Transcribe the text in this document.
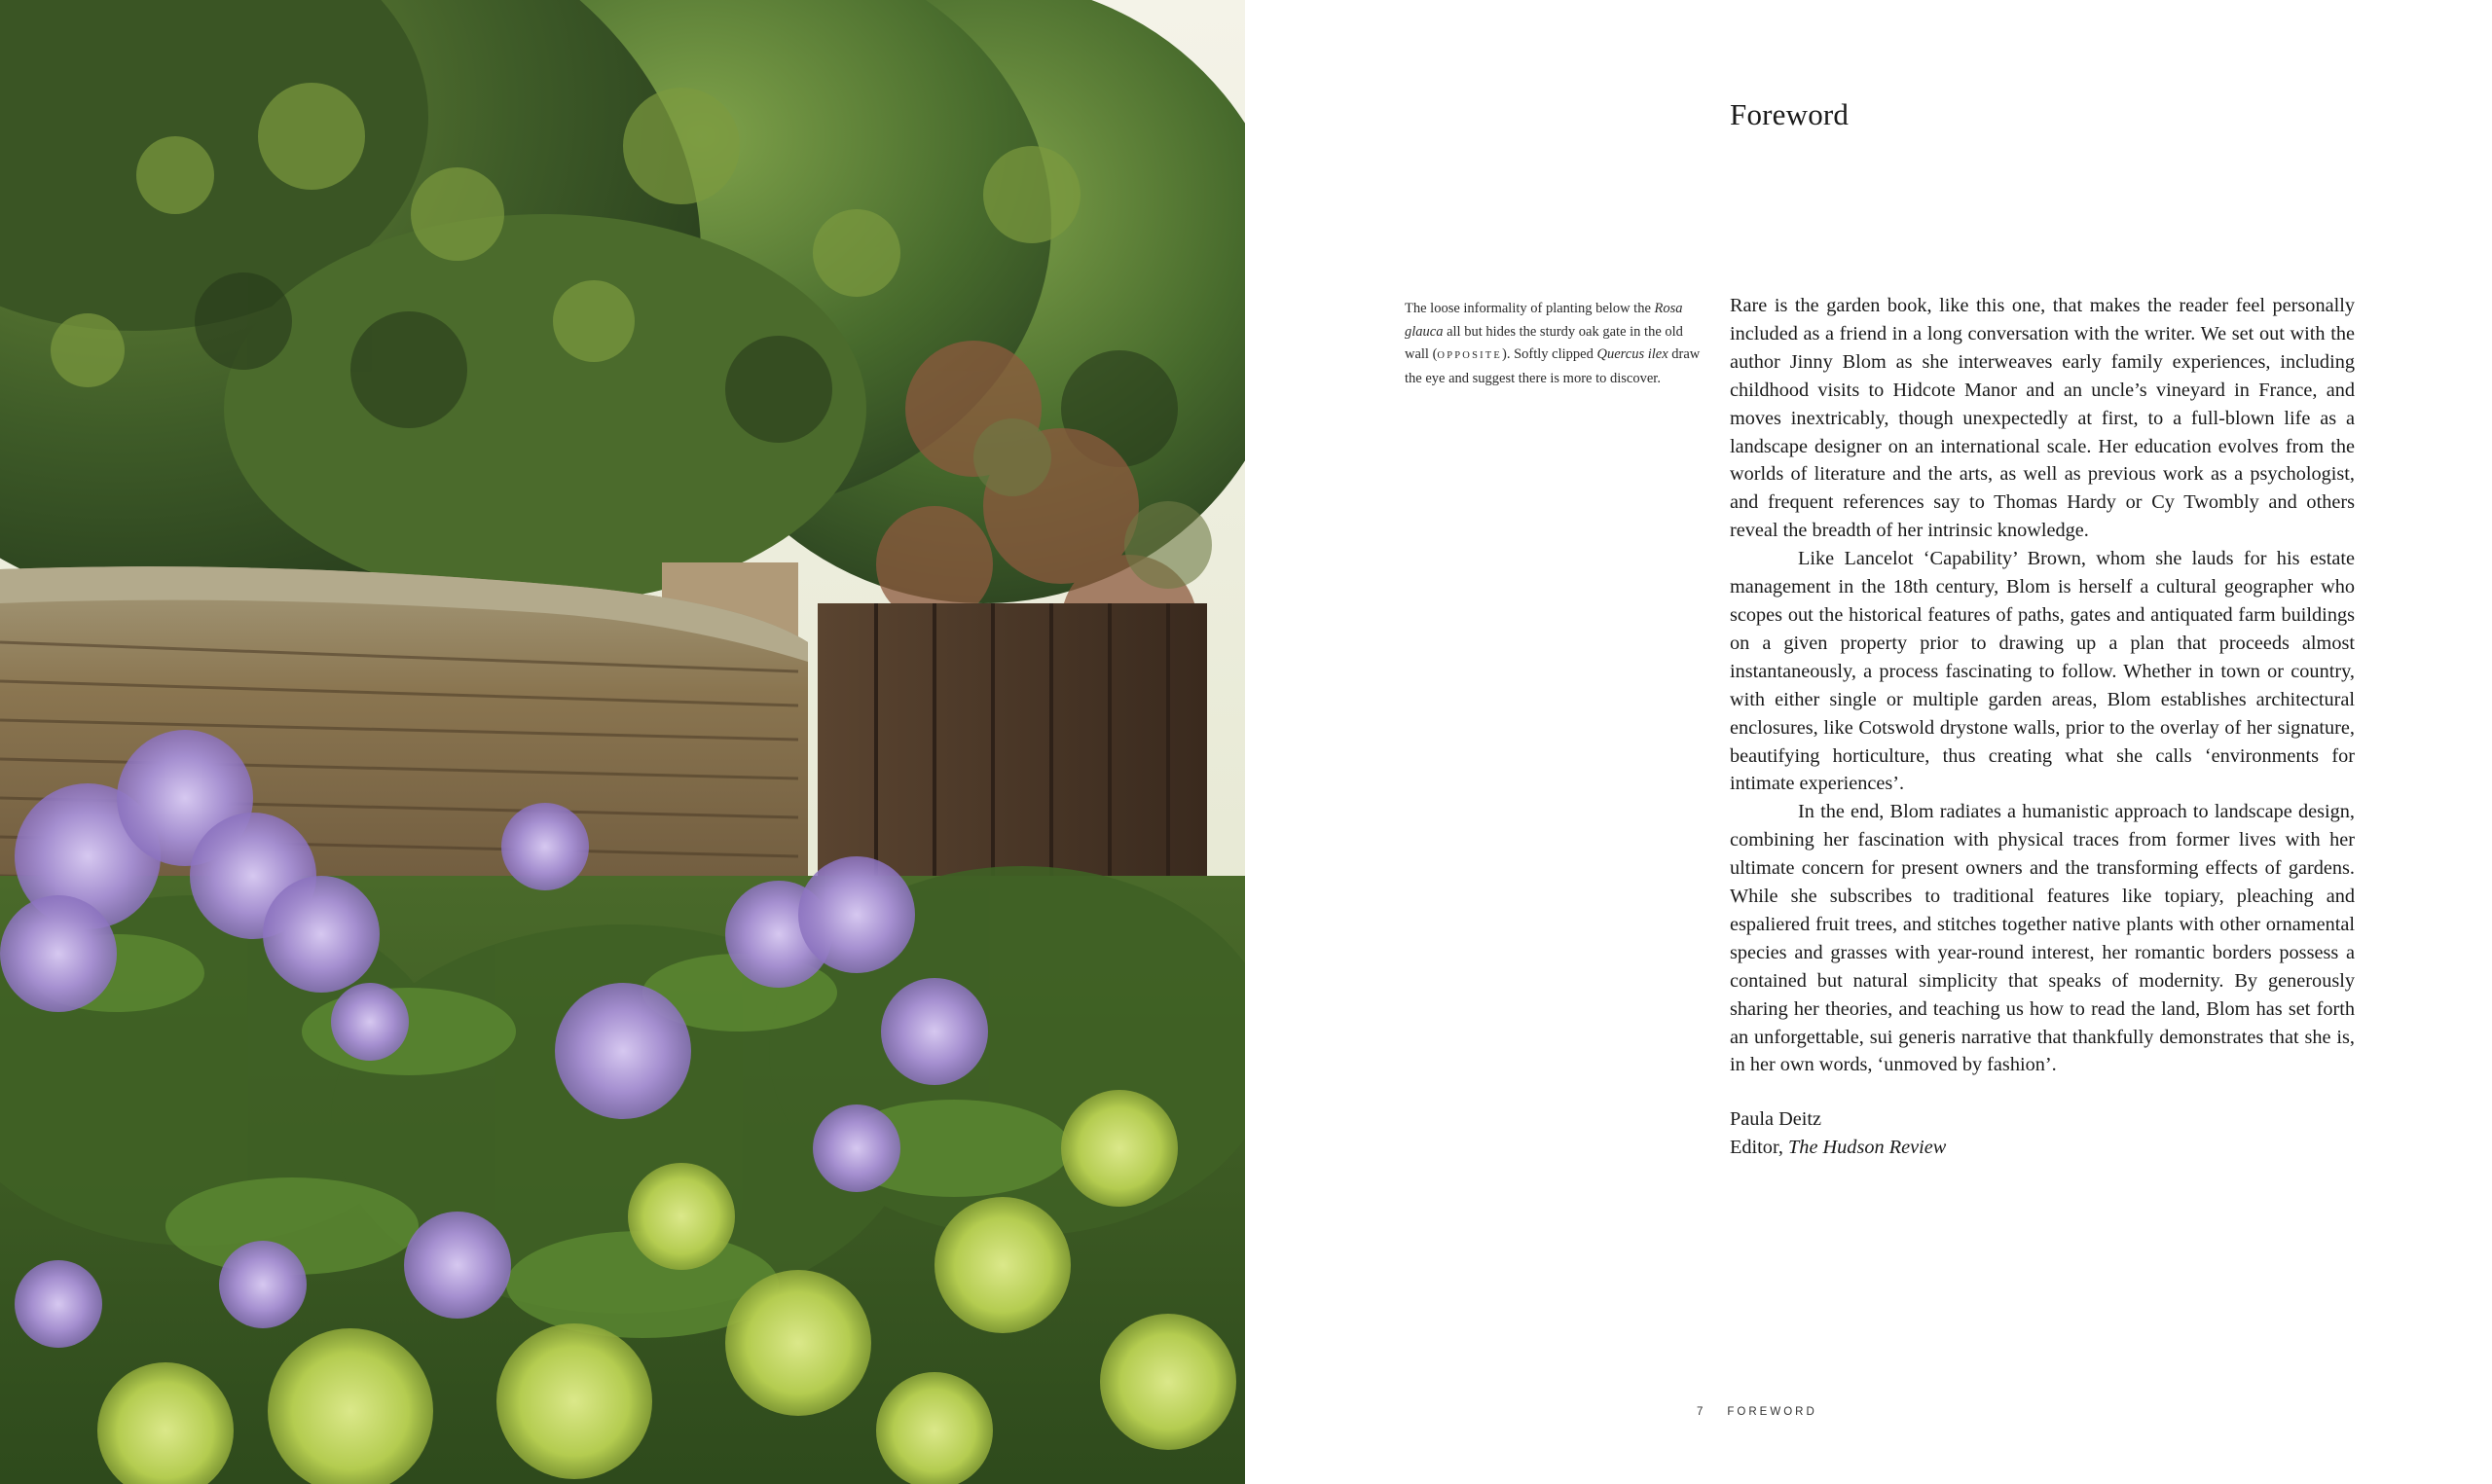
Foreword
The loose informality of planting below the Rosa glauca all but hides the sturdy oak gate in the old wall (OPPOSITE). Softly clipped Quercus ilex draw the eye and suggest there is more to discover.

Rare is the garden book, like this one, that makes the reader feel personally included as a friend in a long conversation with the writer. We set out with the author Jinny Blom as she interweaves early family experiences, including childhood visits to Hidcote Manor and an uncle’s vineyard in France, and moves inextricably, though unexpectedly at first, to a full-blown life as a landscape designer on an international scale. Her education evolves from the worlds of literature and the arts, as well as previous work as a psychologist, and frequent references say to Thomas Hardy or Cy Twombly and others reveal the breadth of her intrinsic knowledge.

Like Lancelot ‘Capability’ Brown, whom she lauds for his estate management in the 18th century, Blom is herself a cultural geographer who scopes out the historical features of paths, gates and antiquated farm buildings on a given property prior to drawing up a plan that proceeds almost instantaneously, a process fascinating to follow. Whether in town or country, with either single or multiple garden areas, Blom establishes architectural enclosures, like Cotswold drystone walls, prior to the overlay of her signature, beautifying horticulture, thus creating what she calls ‘environments for intimate experiences’.

In the end, Blom radiates a humanistic approach to landscape design, combining her fascination with physical traces from former lives with her ultimate concern for present owners and the transforming effects of gardens. While she subscribes to traditional features like topiary, pleaching and espaliered fruit trees, and stitches together native plants with other ornamental species and grasses with year-round interest, her romantic borders possess a contained but natural simplicity that speaks of modernity. By generously sharing her theories, and teaching us how to read the land, Blom has set forth an unforgettable, sui generis narrative that thankfully demonstrates that she is, in her own words, ‘unmoved by fashion’.

Paula Deitz
Editor, The Hudson Review
7 FOREWORD
